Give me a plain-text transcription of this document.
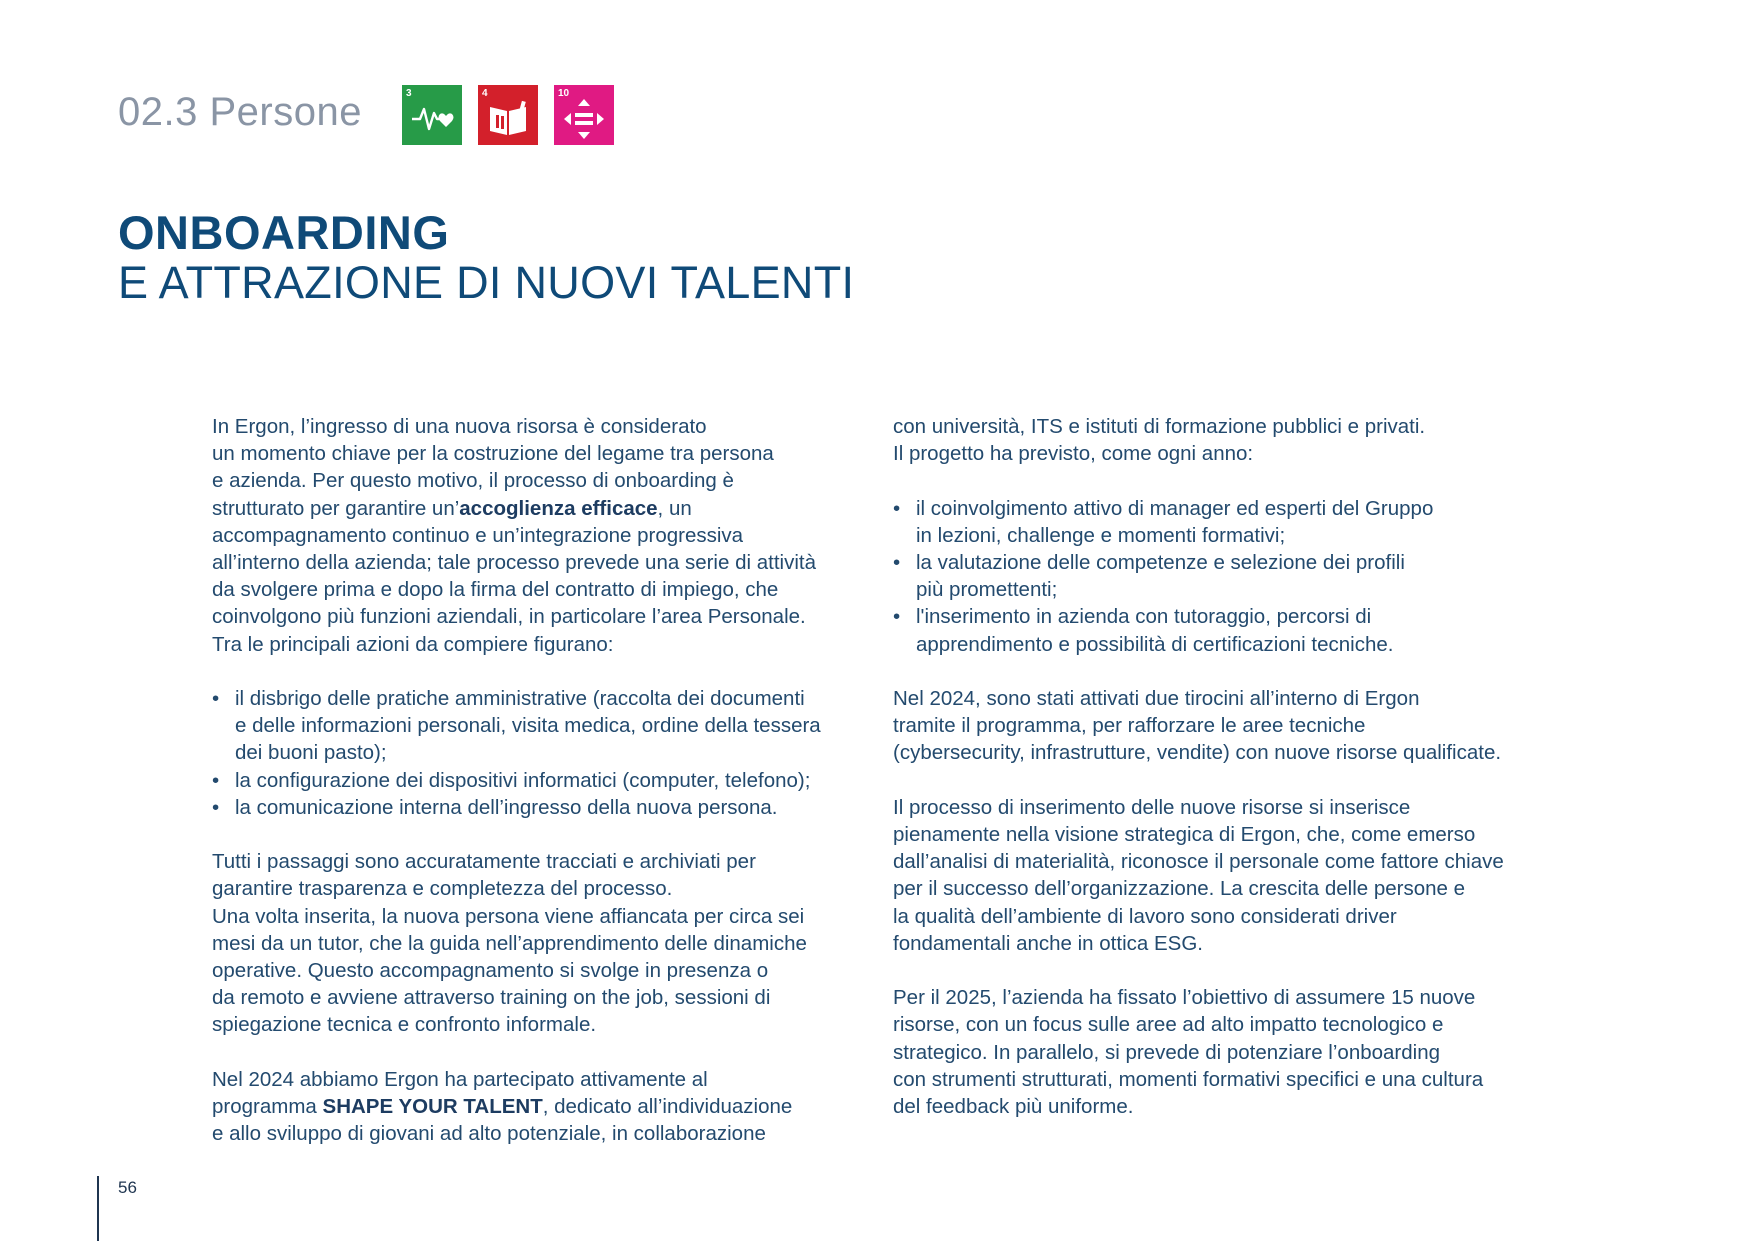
02.3 Persone	3	4	10
ONBOARDING
E ATTRAZIONE DI NUOVI TALENTI

In Ergon, l’ingresso di una nuova risorsa è considerato
un momento chiave per la costruzione del legame tra persona
e azienda. Per questo motivo, il processo di onboarding è
strutturato per garantire un’accoglienza efficace, un
accompagnamento continuo e un’integrazione progressiva
all’interno della azienda; tale processo prevede una serie di attività
da svolgere prima e dopo la firma del contratto di impiego, che
coinvolgono più funzioni aziendali, in particolare l’area Personale.
Tra le principali azioni da compiere figurano:

• il disbrigo delle pratiche amministrative (raccolta dei documenti
e delle informazioni personali, visita medica, ordine della tessera
dei buoni pasto);
• la configurazione dei dispositivi informatici (computer, telefono);
• la comunicazione interna dell’ingresso della nuova persona.

Tutti i passaggi sono accuratamente tracciati e archiviati per
garantire trasparenza e completezza del processo.
Una volta inserita, la nuova persona viene affiancata per circa sei
mesi da un tutor, che la guida nell’apprendimento delle dinamiche
operative. Questo accompagnamento si svolge in presenza o
da remoto e avviene attraverso training on the job, sessioni di
spiegazione tecnica e confronto informale.

Nel 2024 abbiamo Ergon ha partecipato attivamente al
programma SHAPE YOUR TALENT, dedicato all’individuazione
e allo sviluppo di giovani ad alto potenziale, in collaborazione

con università, ITS e istituti di formazione pubblici e privati.
Il progetto ha previsto, come ogni anno:

• il coinvolgimento attivo di manager ed esperti del Gruppo
in lezioni, challenge e momenti formativi;
• la valutazione delle competenze e selezione dei profili
più promettenti;
• l'inserimento in azienda con tutoraggio, percorsi di
apprendimento e possibilità di certificazioni tecniche.

Nel 2024, sono stati attivati due tirocini all’interno di Ergon
tramite il programma, per rafforzare le aree tecniche
(cybersecurity, infrastrutture, vendite) con nuove risorse qualificate.

Il processo di inserimento delle nuove risorse si inserisce
pienamente nella visione strategica di Ergon, che, come emerso
dall’analisi di materialità, riconosce il personale come fattore chiave
per il successo dell’organizzazione. La crescita delle persone e
la qualità dell’ambiente di lavoro sono considerati driver
fondamentali anche in ottica ESG.

Per il 2025, l’azienda ha fissato l’obiettivo di assumere 15 nuove
risorse, con un focus sulle aree ad alto impatto tecnologico e
strategico. In parallelo, si prevede di potenziare l’onboarding
con strumenti strutturati, momenti formativi specifici e una cultura
del feedback più uniforme.

56
